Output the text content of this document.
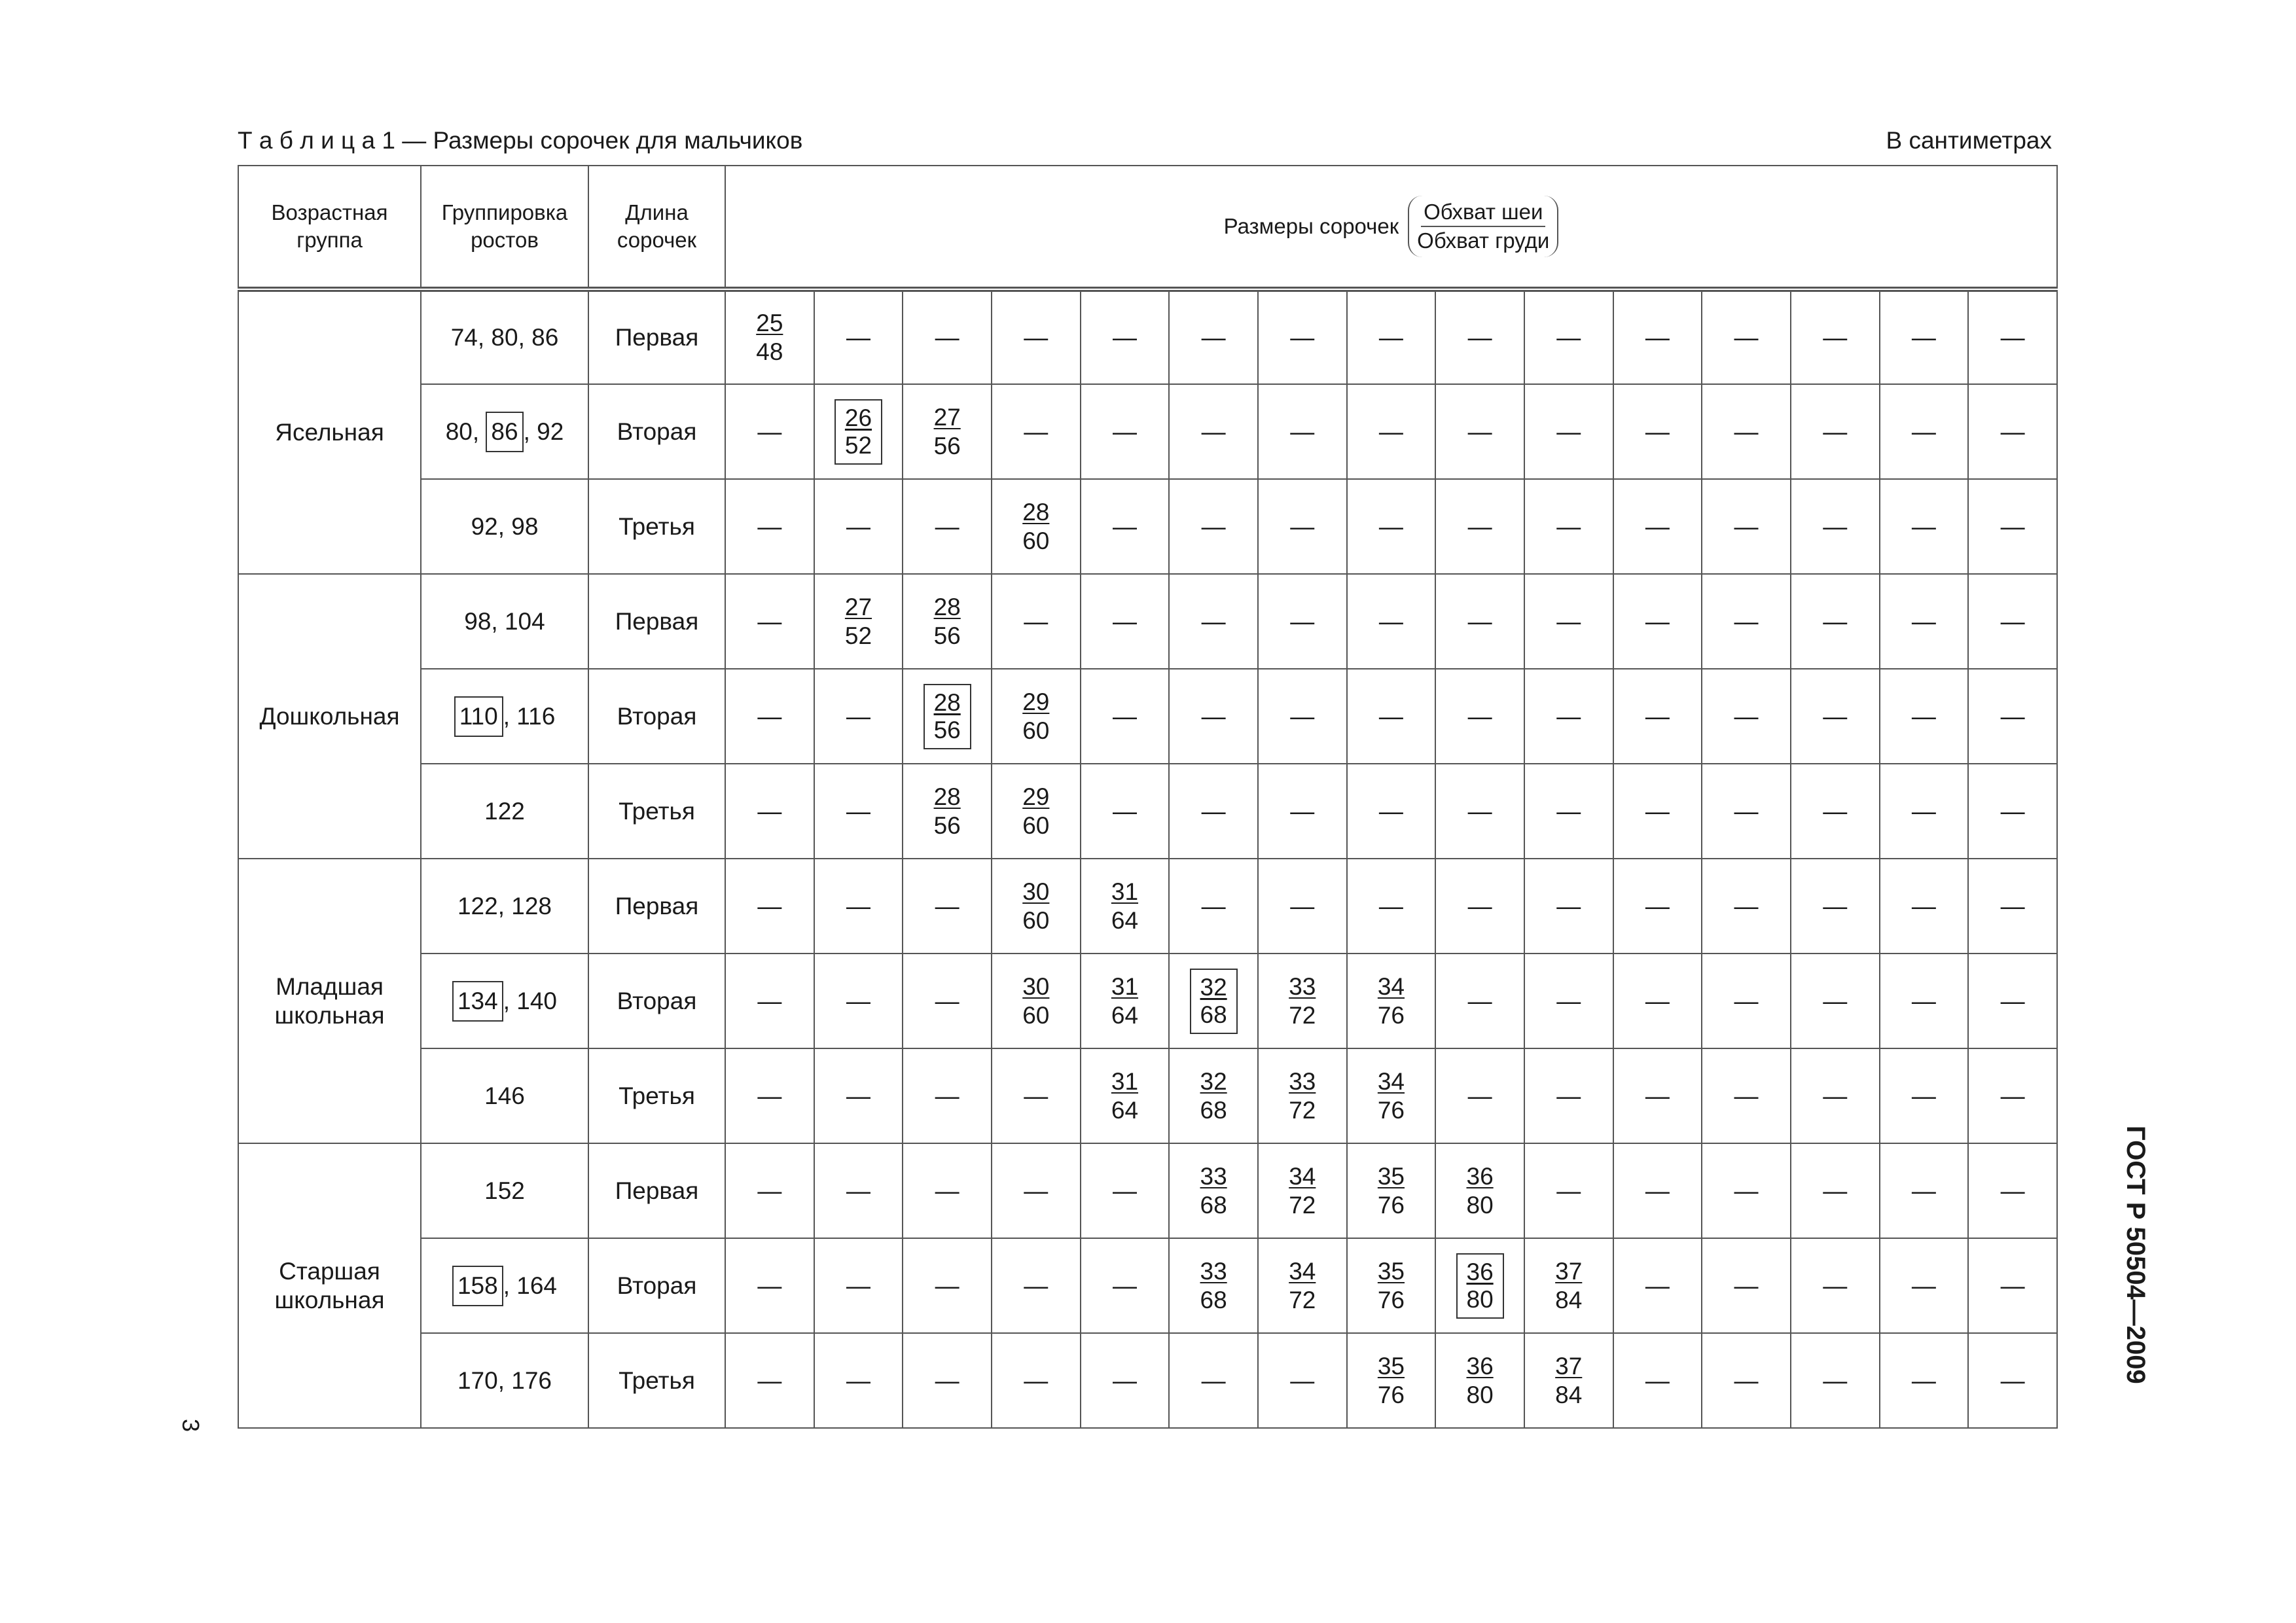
Т а б л и ц а 1 — Размеры сорочек для мальчиков	В сантиметрах
Возрастная группа	Группировка ростов	Длина сорочек	Размеры сорочек
Обхват шеи
Обхват груди														

Ясельная	74, 80, 86	Первая	$\frac{25}{48}$	—	—	—	—	—	—	—	—	—	—	—	—	—	—
	80, 86 , 92	Вторая	—	$\frac{26}{52}$	$\frac{27}{56}$	—	—	—	—	—	—	—	—	—	—	—	—
	92, 98	Третья	—	—	—	$\frac{28}{60}$	—	—	—	—	—	—	—	—	—	—	—
Дошкольная	98, 104	Первая	—	$\frac{27}{52}$	$\frac{28}{56}$	—	—	—	—	—	—	—	—	—	—	—	—
	110 , 116	Вторая	—	—	$\frac{28}{56}$	$\frac{29}{60}$	—	—	—	—	—	—	—	—	—	—	—
	122	Третья	—	—	$\frac{28}{56}$	$\frac{29}{60}$	—	—	—	—	—	—	—	—	—	—	—
Младшая школьная	122, 128	Первая	—	—	—	$\frac{30}{60}$	$\frac{31}{64}$	—	—	—	—	—	—	—	—	—	—
	134 , 140	Вторая	—	—	—	$\frac{30}{60}$	$\frac{31}{64}$	$\frac{32}{68}$	$\frac{33}{72}$	$\frac{34}{76}$	—	—	—	—	—	—	—
	146	Третья	—	—	—	—	$\frac{31}{64}$	$\frac{32}{68}$	$\frac{33}{72}$	$\frac{34}{76}$	—	—	—	—	—	—	—
Старшая школьная	152	Первая	—	—	—	—	—	$\frac{33}{68}$	$\frac{34}{72}$	$\frac{35}{76}$	$\frac{36}{80}$	—	—	—	—	—	—
	158 , 164	Вторая	—	—	—	—	—	$\frac{33}{68}$	$\frac{34}{72}$	$\frac{35}{76}$	$\frac{36}{80}$	$\frac{37}{84}$	—	—	—	—	—
	170, 176	Третья	—	—	—	—	—	—	—	$\frac{35}{76}$	$\frac{36}{80}$	$\frac{37}{84}$	—	—	—	—	—	ГОСТ Р 50504—2009
3
